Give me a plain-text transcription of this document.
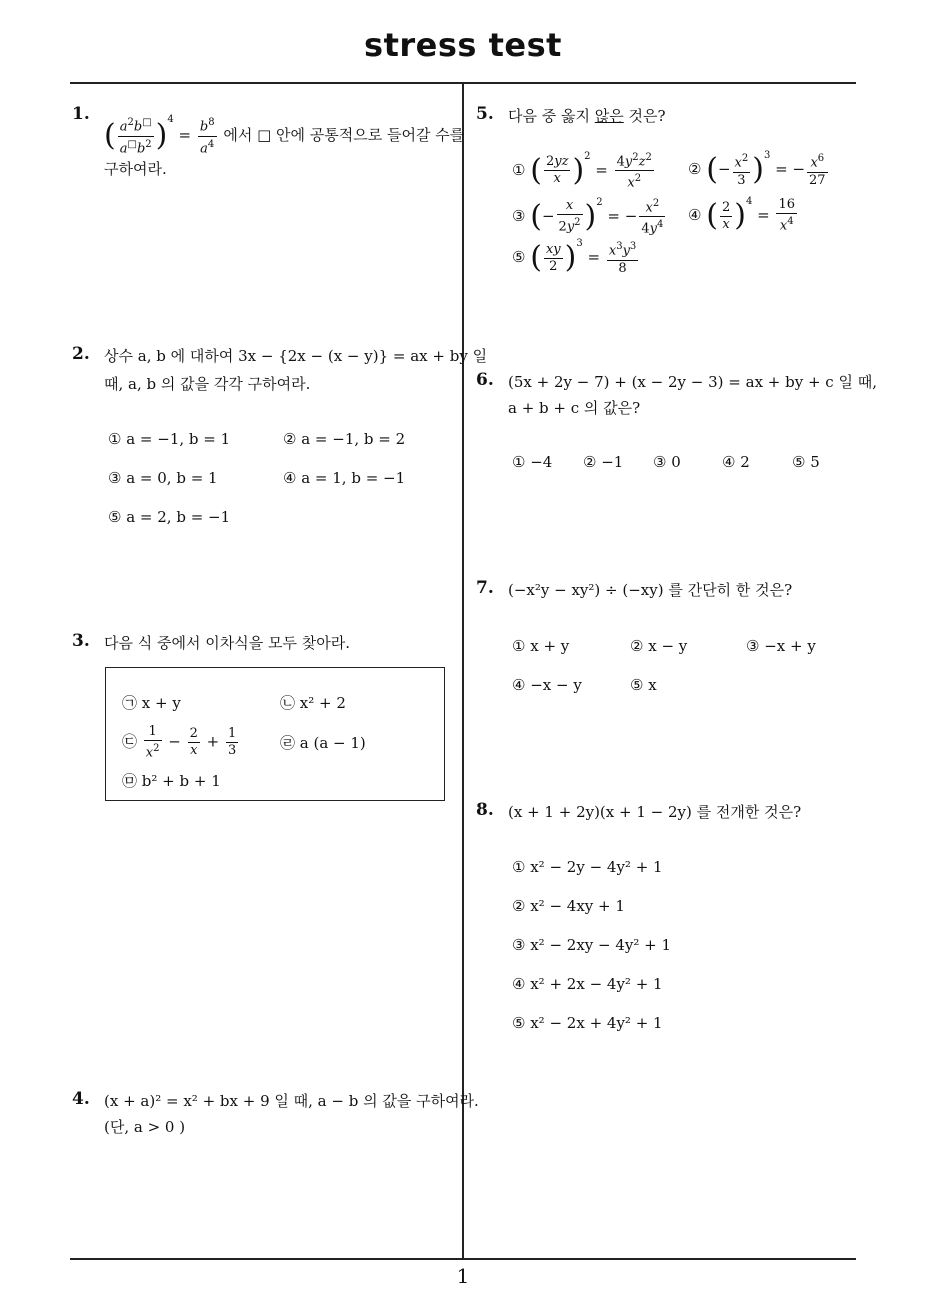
stress test
1
1.
( $\frac{a^2b^□}{a^□b^2} )^4 = \frac{b^8}{a^4}$ 에서 □ 안에 공통적으로 들어갈 수를
구하여라.
2. 상수 a, b 에 대하여 3x − {2x − (x − y)} = ax + by 일
때, a, b 의 값을 각각 구하여라.
① a = −1, b = 1	② a = −1, b = 2
③ a = 0, b = 1	④ a = 1, b = −1
⑤ a = 2, b = −1
3. 다음 식 중에서 이차식을 모두 찾아라.
㉠ x + y	㉡ x² + 2
㉢ $\frac{1}{x^2} - \frac{2}{x} + \frac{1}{3}$	㉣ a (a − 1)
㉤ b² + b + 1
4. (x + a)² = x² + bx + 9 일 때, a − b 의 값을 구하여라.
(단, a > 0 )
5. 다음 중 옳지 않은 것은?
① ( $\frac{2yz}{x} )^2 = \frac{4y^2z^2}{x^2}$ ② (− $\frac{x^2}{3} )^3$ = − $\frac{x^6}{27}$
③ (− $\frac{x}{2y^2} )^2$ = − $\frac{x^2}{4y^4}$ ④ ( $\frac{2}{x} )^4 = \frac{16}{x^4}$
⑤ ( $\frac{xy}{2} )^3 = \frac{x^3y^3}{8}$
6. (5x + 2y − 7) + (x − 2y − 3) = ax + by + c 일 때,
a + b + c 의 값은?
① −4 ② −1 ③ 0	④ 2	⑤ 5
7. (−x²y − xy²) ÷ (−xy) 를 간단히 한 것은?
① x + y	② x − y	③ −x + y
④ −x − y	⑤ x
8. (x + 1 + 2y)(x + 1 − 2y) 를 전개한 것은?
① x² − 2y − 4y² + 1
② x² − 4xy + 1
③ x² − 2xy − 4y² + 1
④ x² + 2x − 4y² + 1
⑤ x² − 2x + 4y² + 1
